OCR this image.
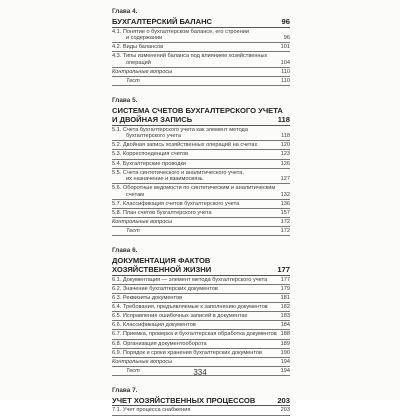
Глава 4.
БУХГАЛТЕРСКИЙ БАЛАНС	96
4.1. Понятие о бухгалтерском балансе, его строении
и содержании	96
4.2. Виды балансов	101
4.3. Типы изменений баланса под влиянием хозяйственных
операций	104
Контрольные вопросы	110
Тест	110
Глава 5.
СИСТЕМА СЧЕТОВ БУХГАЛТЕРСКОГО УЧЕТА
И ДВОЙНАЯ ЗАПИСЬ	118
5.1. Счета бухгалтерского учета как элемент метода
бухгалтерского учета	118
5.2. Двойная запись хозяйственных операций на счетах	120
5.3. Корреспонденция счетов	123
5.4. Бухгалтерские проводки	126
5.5. Счета синтетического и аналитического учета,
их назначение и взаимосвязь	127
5.6. Оборотные ведомости по синтетическим и аналитическим
счетам	132
5.7. Классификация счетов бухгалтерского учета	136
5.8. План счетов бухгалтерского учета	157
Контрольные вопросы	172
Тест	172
Глава 6.
ДОКУМЕНТАЦИЯ ФАКТОВ ХОЗЯЙСТВЕННОЙ ЖИЗНИ	177
6.1. Документация — элемент метода бухгалтерского учета	177
6.2. Значение бухгалтерских документов	179
6.3. Реквизиты документов	181
6.4. Требования, предъявляемые к заполнению документов	182
6.5. Исправление ошибочных записей в документах	183
6.6. Классификация документов	184
6.7. Приемка, проверка и бухгалтерская обработка документов 188
6.8. Организация документооборота	189
6.9. Порядок и сроки хранения бухгалтерских документов	190
Контрольные вопросы	194
Тест	194
Глава 7.
УЧЕТ ХОЗЯЙСТВЕННЫХ ПРОЦЕССОВ	203
7.1. Учет процесса снабжения	203
334
